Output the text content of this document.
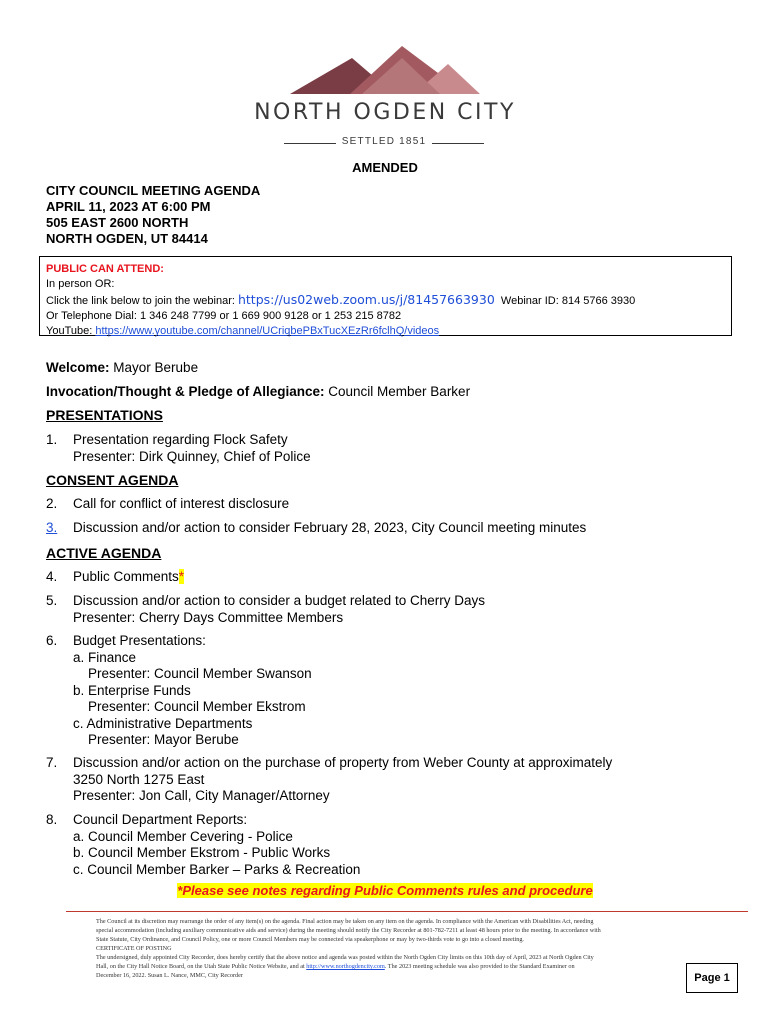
NORTH OGDEN CITY
SETTLED 1851
AMENDED
CITY COUNCIL MEETING AGENDA
APRIL 11, 2023 AT 6:00 PM
505 EAST 2600 NORTH
NORTH OGDEN, UT 84414
PUBLIC CAN ATTEND:
In person OR:
Click the link below to join the webinar: https://us02web.zoom.us/j/81457663930 Webinar ID: 814 5766 3930
Or Telephone Dial: 1 346 248 7799 or 1 669 900 9128 or 1 253 215 8782
YouTube: https://www.youtube.com/channel/UCriqbePBxTucXEzRr6fclhQ/videos
Welcome: Mayor Berube
Invocation/Thought & Pledge of Allegiance: Council Member Barker
PRESENTATIONS
1. Presentation regarding Flock Safety
Presenter: Dirk Quinney, Chief of Police
CONSENT AGENDA
2. Call for conflict of interest disclosure
3. Discussion and/or action to consider February 28, 2023, City Council meeting minutes
ACTIVE AGENDA
4. Public Comments*
5. Discussion and/or action to consider a budget related to Cherry Days
Presenter: Cherry Days Committee Members
6. Budget Presentations:
a. Finance
Presenter: Council Member Swanson
b. Enterprise Funds
Presenter: Council Member Ekstrom
c. Administrative Departments
Presenter: Mayor Berube
7. Discussion and/or action on the purchase of property from Weber County at approximately
3250 North 1275 East
Presenter: Jon Call, City Manager/Attorney
8. Council Department Reports:
a. Council Member Cevering - Police
b. Council Member Ekstrom - Public Works
c. Council Member Barker – Parks & Recreation
*Please see notes regarding Public Comments rules and procedure
The Council at its discretion may rearrange the order of any item(s) on the agenda. Final action may be taken on any item on the agenda. In compliance with the American with Disabilities Act, needing
special accommodation (including auxiliary communicative aids and service) during the meeting should notify the City Recorder at 801-782-7211 at least 48 hours prior to the meeting. In accordance with
State Statute, City Ordinance, and Council Policy, one or more Council Members may be connected via speakerphone or may by two-thirds vote to go into a closed meeting.
CERTIFICATE OF POSTING
The undersigned, duly appointed City Recorder, does hereby certify that the above notice and agenda was posted within the North Ogden City limits on this 10th day of April, 2023 at North Ogden City
Hall, on the City Hall Notice Board, on the Utah State Public Notice Website, and at http://www.northogdencity.com. The 2023 meeting schedule was also provided to the Standard Examiner on
December 16, 2022. Susan L. Nance, MMC, City Recorder	Page 1
